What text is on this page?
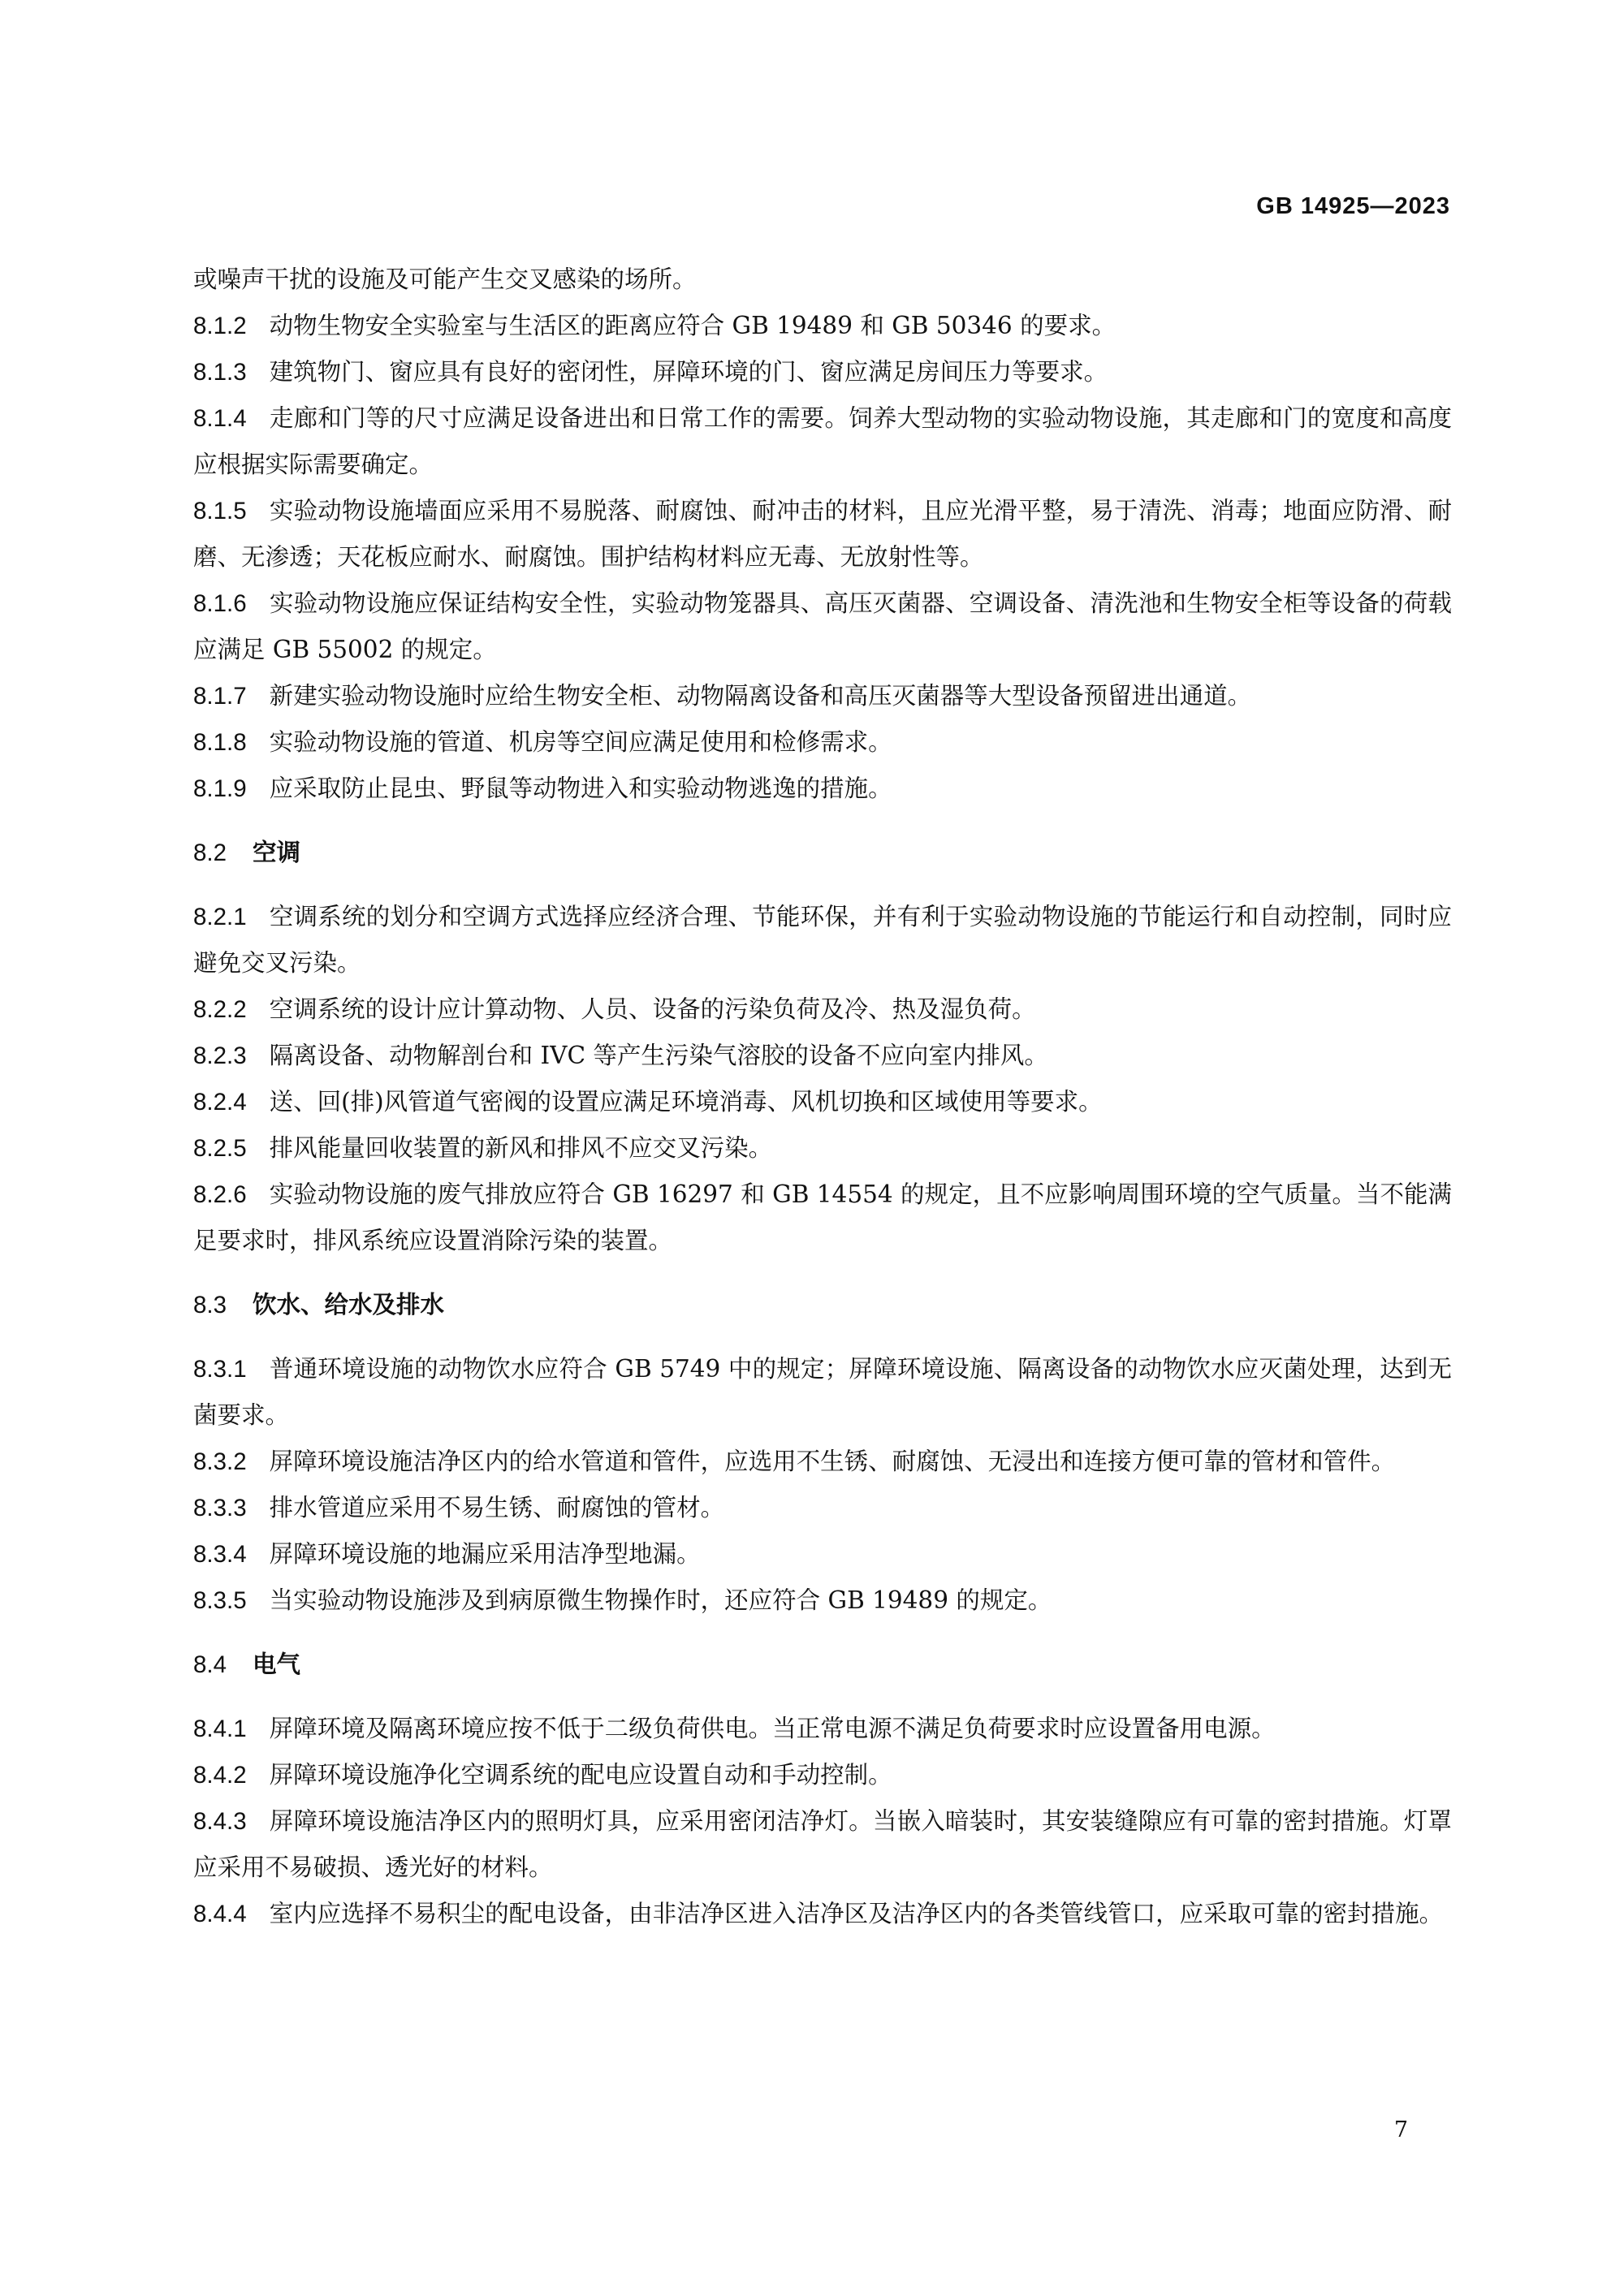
GB 14925—2023

或噪声干扰的设施及可能产生交叉感染的场所。

8.1.2 动物生物安全实验室与生活区的距离应符合 GB 19489 和 GB 50346 的要求。

8.1.3 建筑物门、窗应具有良好的密闭性，屏障环境的门、窗应满足房间压力等要求。

8.1.4 走廊和门等的尺寸应满足设备进出和日常工作的需要。饲养大型动物的实验动物设施，其走廊和门的宽度和高度应根据实际需要确定。

8.1.5 实验动物设施墙面应采用不易脱落、耐腐蚀、耐冲击的材料，且应光滑平整，易于清洗、消毒；地面应防滑、耐磨、无渗透；天花板应耐水、耐腐蚀。围护结构材料应无毒、无放射性等。

8.1.6 实验动物设施应保证结构安全性，实验动物笼器具、高压灭菌器、空调设备、清洗池和生物安全柜等设备的荷载应满足 GB 55002 的规定。

8.1.7 新建实验动物设施时应给生物安全柜、动物隔离设备和高压灭菌器等大型设备预留进出通道。

8.1.8 实验动物设施的管道、机房等空间应满足使用和检修需求。

8.1.9 应采取防止昆虫、野鼠等动物进入和实验动物逃逸的措施。

8.2 空调

8.2.1 空调系统的划分和空调方式选择应经济合理、节能环保，并有利于实验动物设施的节能运行和自动控制，同时应避免交叉污染。

8.2.2 空调系统的设计应计算动物、人员、设备的污染负荷及冷、热及湿负荷。

8.2.3 隔离设备、动物解剖台和 IVC 等产生污染气溶胶的设备不应向室内排风。

8.2.4 送、回(排)风管道气密阀的设置应满足环境消毒、风机切换和区域使用等要求。

8.2.5 排风能量回收装置的新风和排风不应交叉污染。

8.2.6 实验动物设施的废气排放应符合 GB 16297 和 GB 14554 的规定，且不应影响周围环境的空气质量。当不能满足要求时，排风系统应设置消除污染的装置。

8.3 饮水、给水及排水

8.3.1 普通环境设施的动物饮水应符合 GB 5749 中的规定；屏障环境设施、隔离设备的动物饮水应灭菌处理，达到无菌要求。

8.3.2 屏障环境设施洁净区内的给水管道和管件，应选用不生锈、耐腐蚀、无浸出和连接方便可靠的管材和管件。

8.3.3 排水管道应采用不易生锈、耐腐蚀的管材。

8.3.4 屏障环境设施的地漏应采用洁净型地漏。

8.3.5 当实验动物设施涉及到病原微生物操作时，还应符合 GB 19489 的规定。

8.4 电气

8.4.1 屏障环境及隔离环境应按不低于二级负荷供电。当正常电源不满足负荷要求时应设置备用电源。

8.4.2 屏障环境设施净化空调系统的配电应设置自动和手动控制。

8.4.3 屏障环境设施洁净区内的照明灯具，应采用密闭洁净灯。当嵌入暗装时，其安装缝隙应有可靠的密封措施。灯罩应采用不易破损、透光好的材料。

8.4.4 室内应选择不易积尘的配电设备，由非洁净区进入洁净区及洁净区内的各类管线管口，应采取可靠的密封措施。

7
